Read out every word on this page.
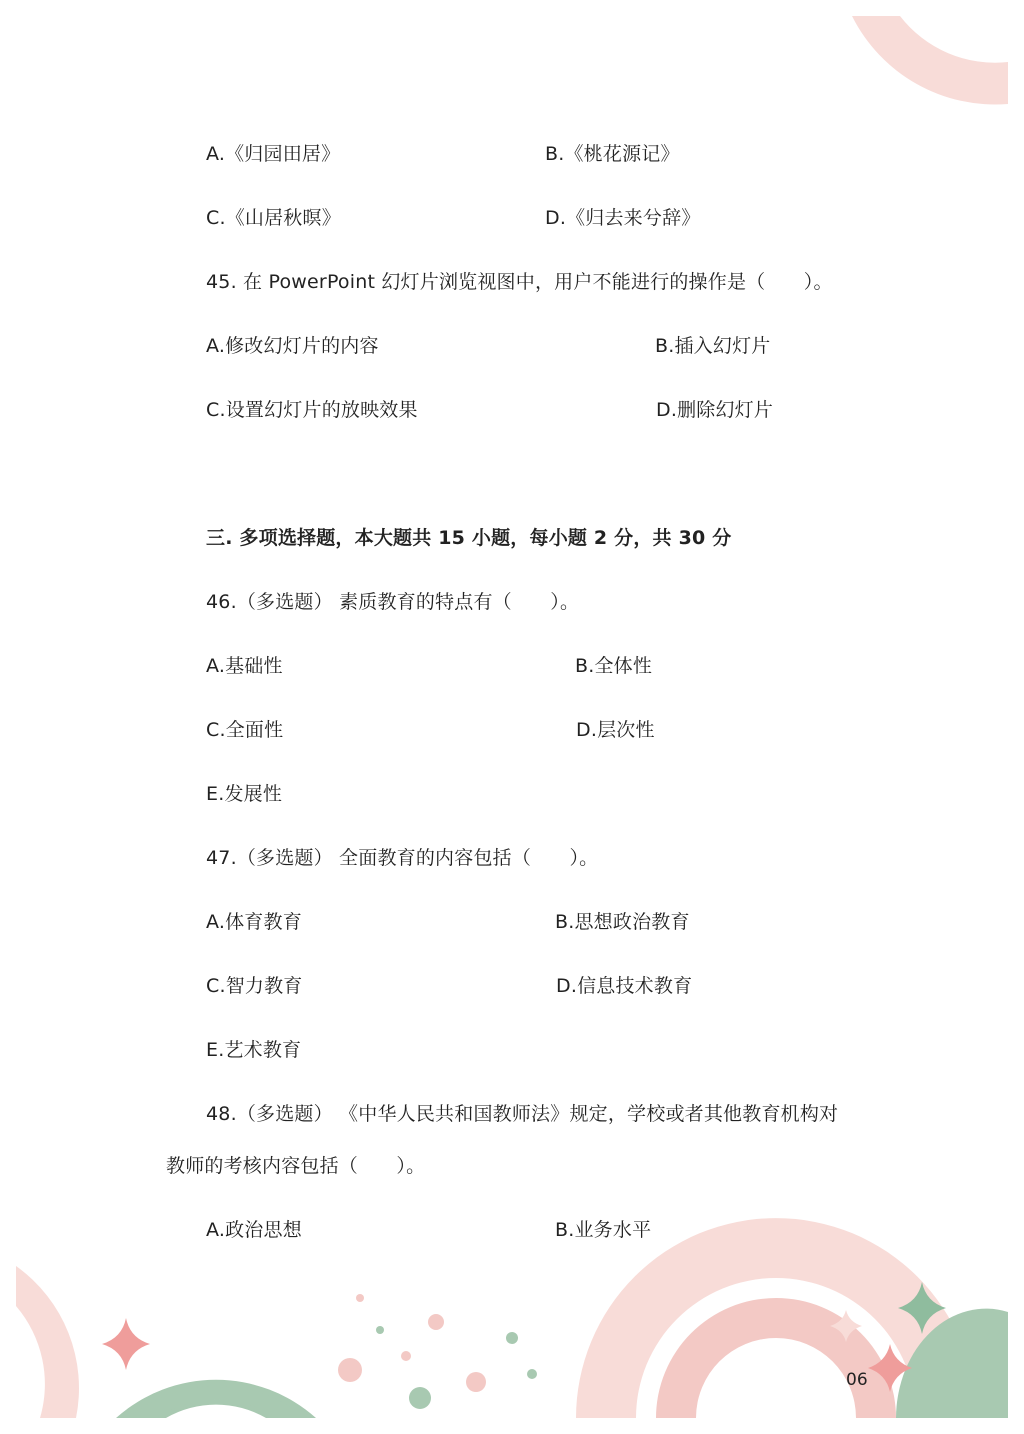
A.《归园田居》	B.《桃花源记》
C.《山居秋暝》	D.《归去来兮辞》
45. 在 PowerPoint 幻灯片浏览视图中，用户不能进行的操作是（　　）。
A.修改幻灯片的内容	B.插入幻灯片
C.设置幻灯片的放映效果	D.删除幻灯片
三. 多项选择题，本大题共 15 小题，每小题 2 分，共 30 分
46.（多选题） 素质教育的特点有（　　）。
A.基础性	B.全体性
C.全面性	D.层次性
E.发展性
47.（多选题） 全面教育的内容包括（　　）。
A.体育教育	B.思想政治教育
C.智力教育	D.信息技术教育
E.艺术教育
48.（多选题） 《中华人民共和国教师法》规定，学校或者其他教育机构对
教师的考核内容包括（　　）。
A.政治思想	B.业务水平
06
